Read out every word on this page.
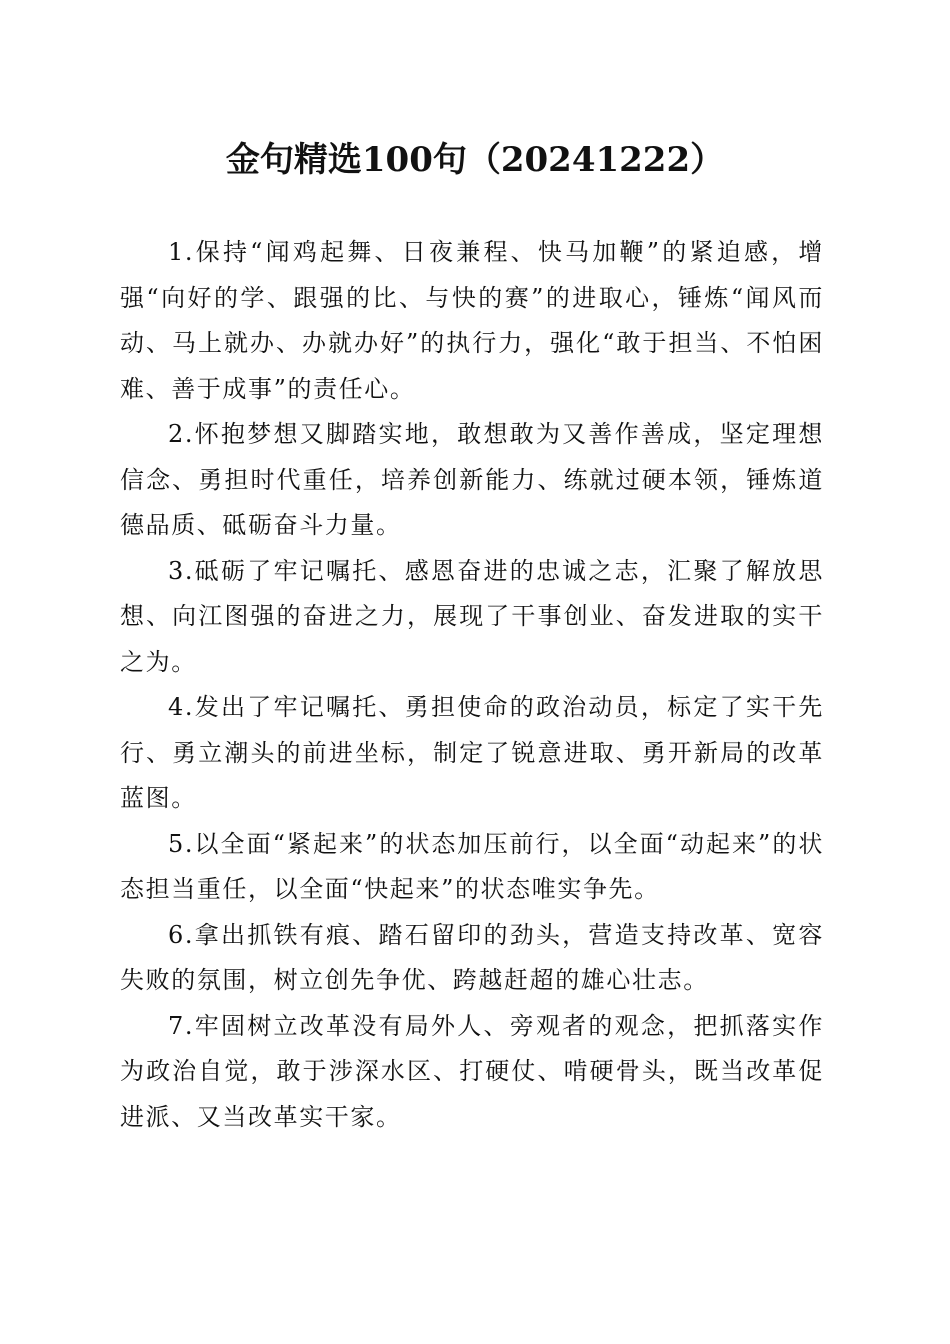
金句精选100句（20241222）

1.保持“闻鸡起舞、日夜兼程、快马加鞭”的紧迫感，增强“向好的学、跟强的比、与快的赛”的进取心，锤炼“闻风而动、马上就办、办就办好”的执行力，强化“敢于担当、不怕困难、善于成事”的责任心。

2.怀抱梦想又脚踏实地，敢想敢为又善作善成，坚定理想信念、勇担时代重任，培养创新能力、练就过硬本领，锤炼道德品质、砥砺奋斗力量。

3.砥砺了牢记嘱托、感恩奋进的忠诚之志，汇聚了解放思想、向江图强的奋进之力，展现了干事创业、奋发进取的实干之为。

4.发出了牢记嘱托、勇担使命的政治动员，标定了实干先行、勇立潮头的前进坐标，制定了锐意进取、勇开新局的改革蓝图。

5.以全面“紧起来”的状态加压前行，以全面“动起来”的状态担当重任，以全面“快起来”的状态唯实争先。

6.拿出抓铁有痕、踏石留印的劲头，营造支持改革、宽容失败的氛围，树立创先争优、跨越赶超的雄心壮志。

7.牢固树立改革没有局外人、旁观者的观念，把抓落实作为政治自觉，敢于涉深水区、打硬仗、啃硬骨头，既当改革促进派、又当改革实干家。
